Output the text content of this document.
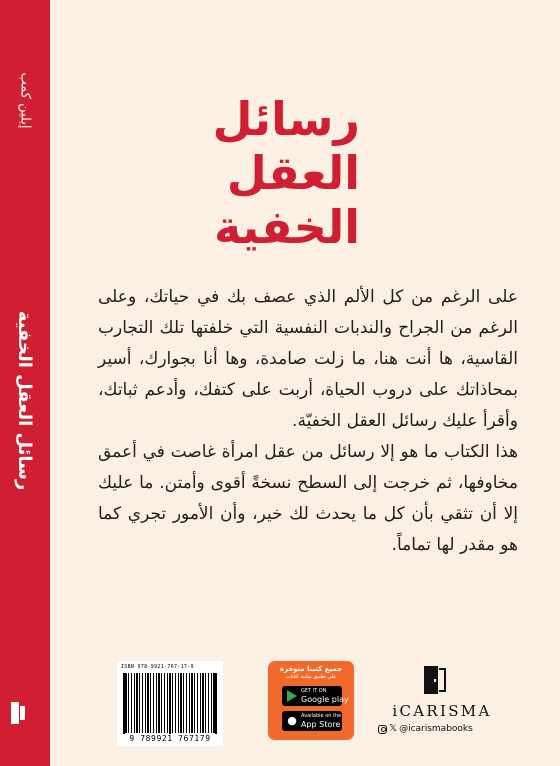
إيلين كمب
رسائل العقل الخفية
رسائل
العقل
الخفية

على الرغم من كل الألم الذي عصف بك في حياتك، وعلى الرغم من الجراح والندبات النفسية التي خلفتها تلك التجارب القاسية، ها أنت هنا، ما زلت صامدة، وها أنا بجوارك، أسير بمحاذاتك على دروب الحياة، أربت على كتفك، وأدعم ثباتك، وأقرأ عليك رسائل العقل الخفيّة.

هذا الكتاب ما هو إلا رسائل من عقل امرأة غاصت في أعمق مخاوفها، ثم خرجت إلى السطح نسخةً أقوى وأمتن. ما عليك إلا أن تثقي بأن كل ما يحدث لك خير، وأن الأمور تجري كما هو مقدر لها تماماً.

ISBN 978-9921-767-17-9
9 789921 767179
جميع كتبنا متوفرة
على تطبيق مكتبة كتابات
GET IT ON
Google play
● Available on the
App Store
iCARISMA
𝕏 @icarismabooks
